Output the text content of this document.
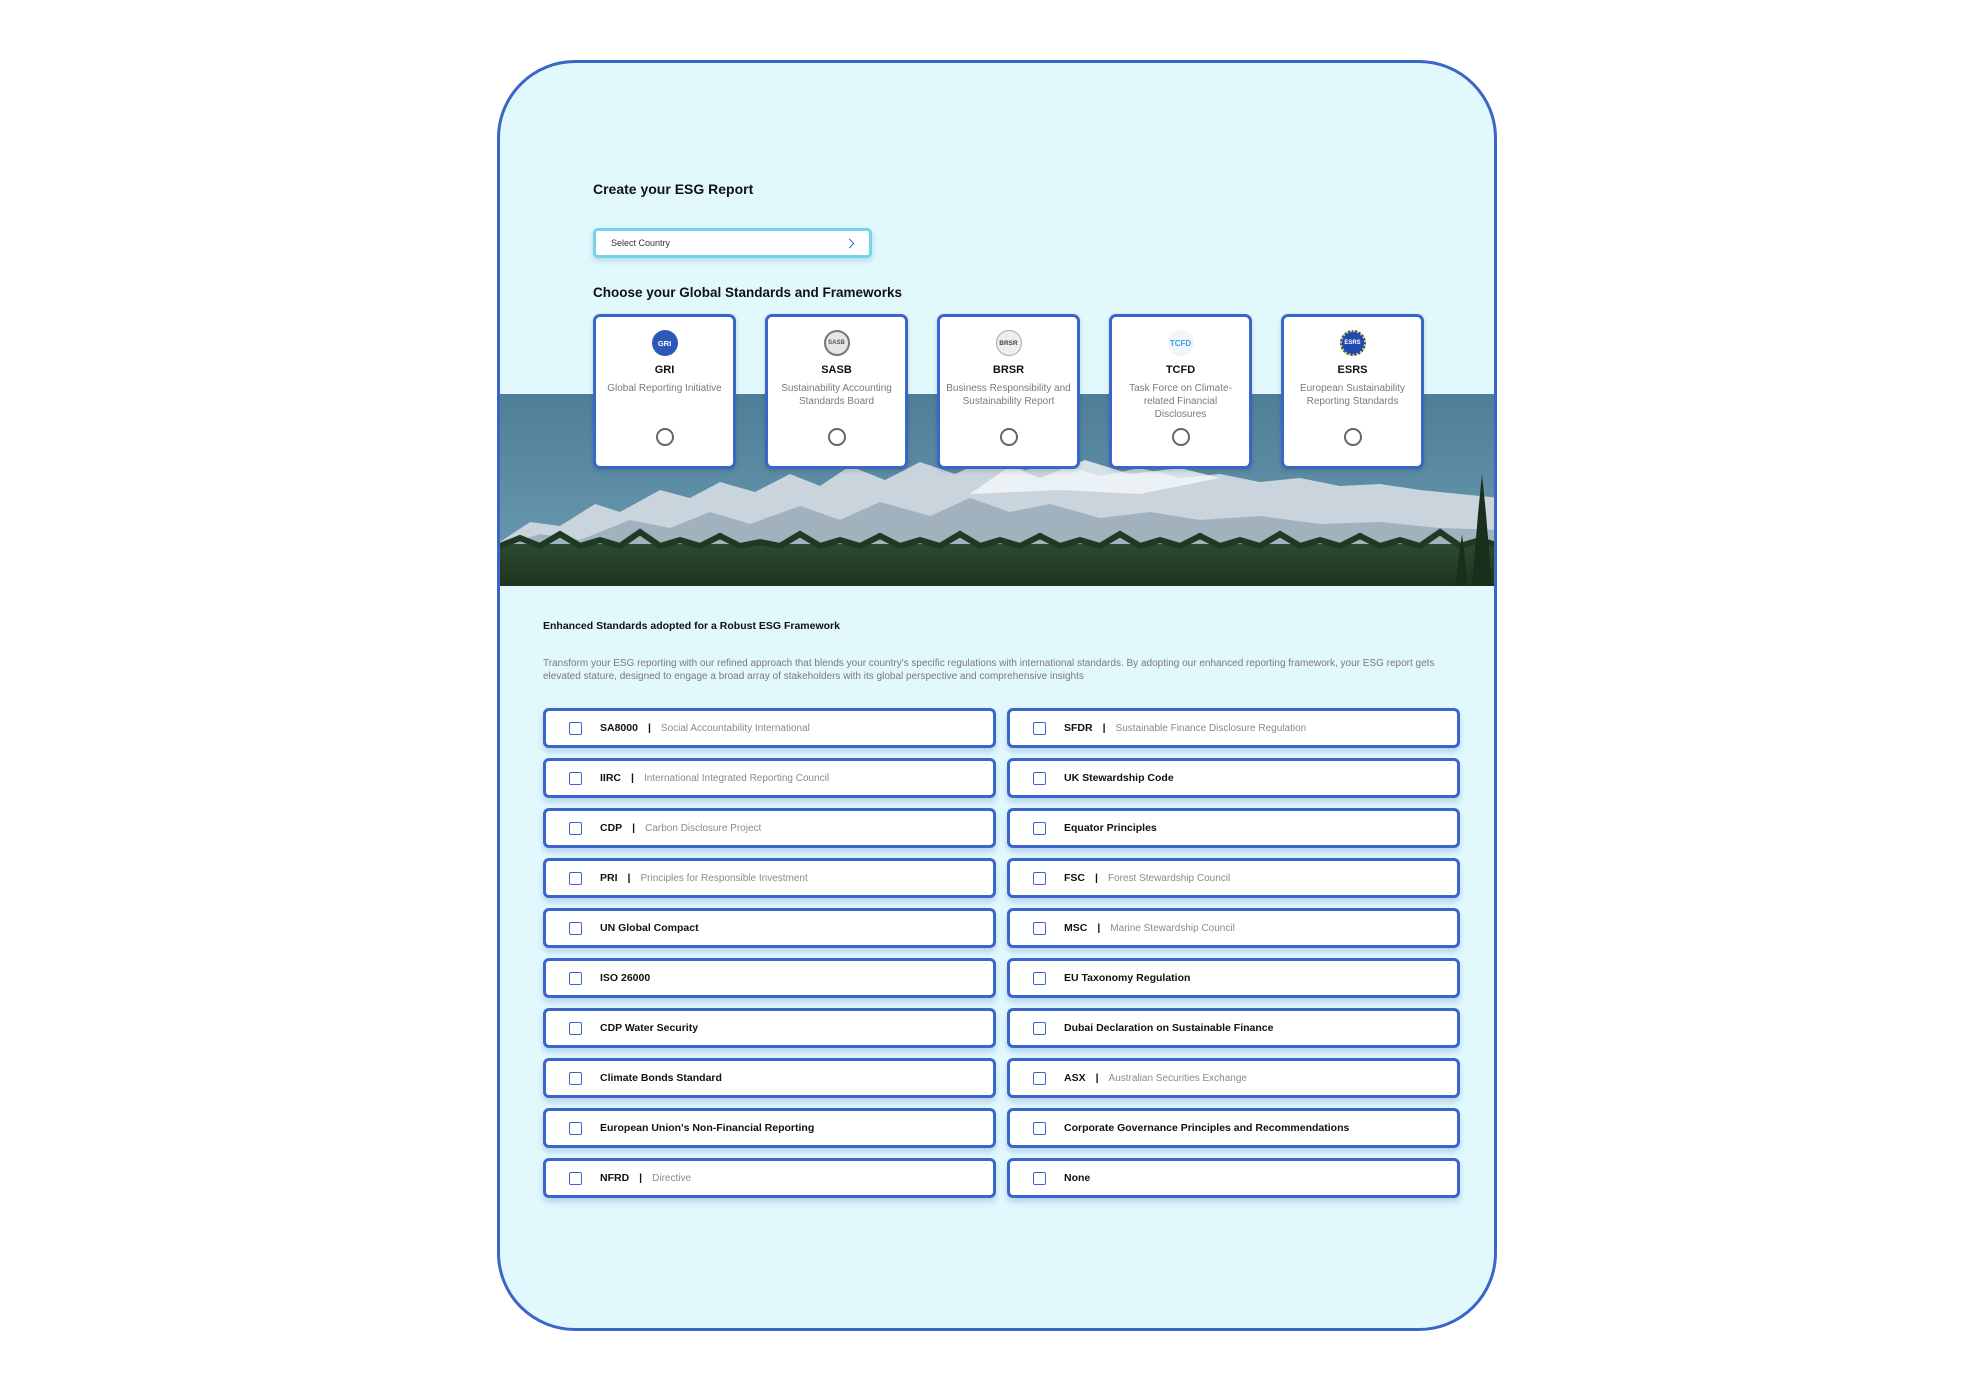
Create your ESG Report
Select Country
Choose your Global Standards and Frameworks
GRI
GRI
Global Reporting Initiative
SASB
SASB
Sustainability Accounting Standards Board
BRSR
BRSR
Business Responsibility and Sustainability Report
TCFD
TCFD
Task Force on Climate-related Financial Disclosures
ESRS
ESRS
European Sustainability Reporting Standards
Enhanced Standards adopted for a Robust ESG Framework
Transform your ESG reporting with our refined approach that blends your country's specific regulations with international standards. By adopting our enhanced reporting framework, your ESG report gets elevated stature, designed to engage a broad array of stakeholders with its global perspective and comprehensive insights
SA8000 | Social Accountability International
IIRC | International Integrated Reporting Council
CDP | Carbon Disclosure Project
PRI | Principles for Responsible Investment
UN Global Compact
ISO 26000
CDP Water Security
Climate Bonds Standard
European Union's Non-Financial Reporting
NFRD | Directive
SFDR | Sustainable Finance Disclosure Regulation
UK Stewardship Code
Equator Principles
FSC | Forest Stewardship Council
MSC | Marine Stewardship Council
EU Taxonomy Regulation
Dubai Declaration on Sustainable Finance
ASX | Australian Securities Exchange
Corporate Governance Principles and Recommendations
None
